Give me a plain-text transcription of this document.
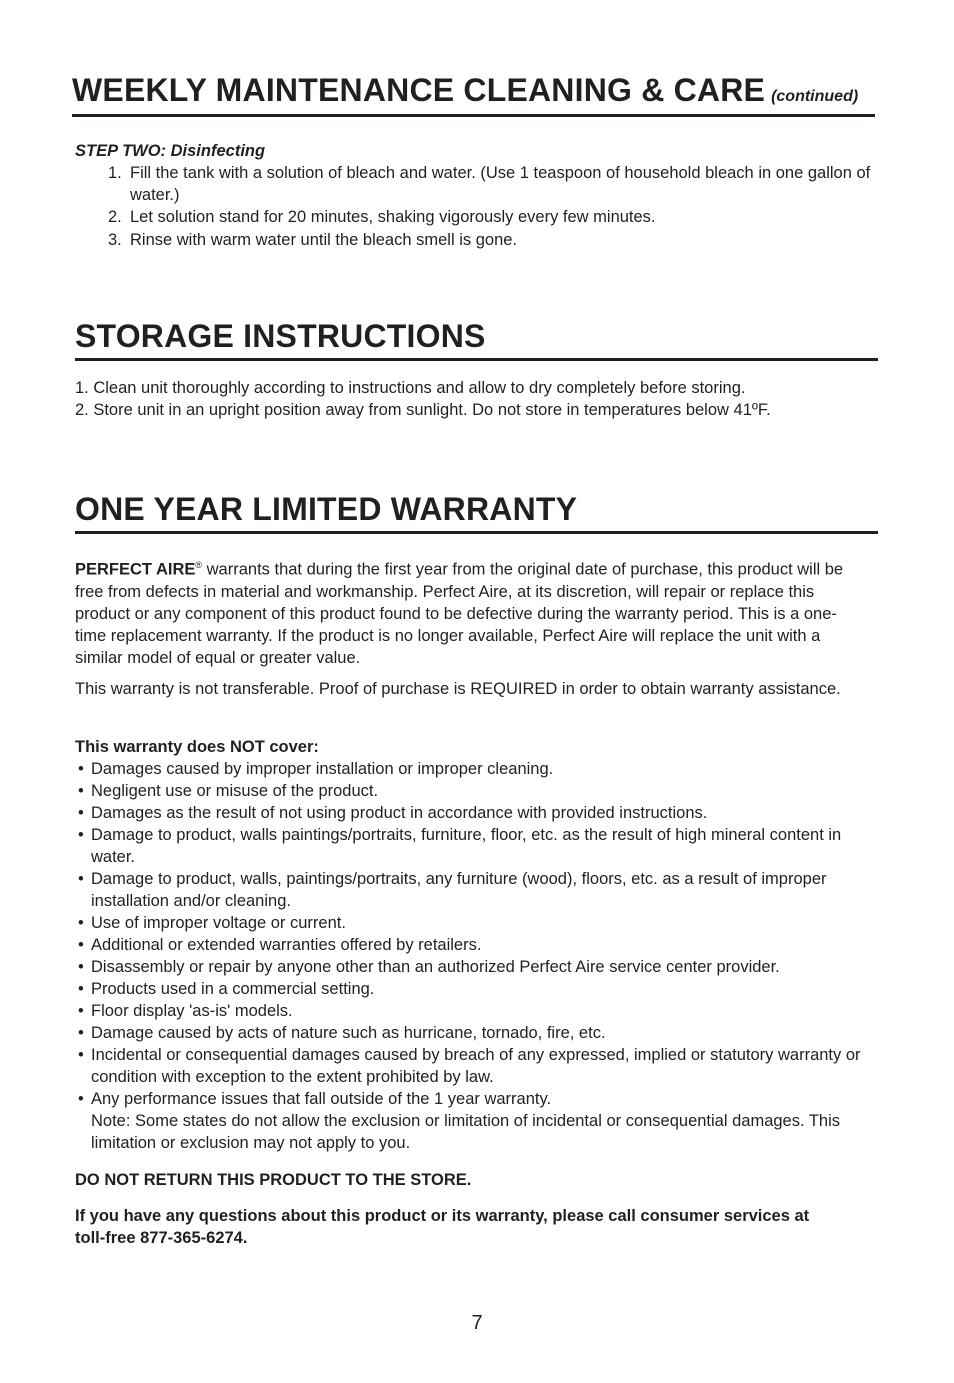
WEEKLY MAINTENANCE CLEANING & CARE (continued)
STEP TWO: Disinfecting
1. Fill the tank with a solution of bleach and water. (Use 1 teaspoon of household bleach in one gallon of water.)
2. Let solution stand for 20 minutes, shaking vigorously every few minutes.
3. Rinse with warm water until the bleach smell is gone.
STORAGE INSTRUCTIONS
1. Clean unit thoroughly according to instructions and allow to dry completely before storing.
2. Store unit in an upright position away from sunlight. Do not store in temperatures below 41ºF.
ONE YEAR LIMITED WARRANTY
PERFECT AIRE® warrants that during the first year from the original date of purchase, this product will be free from defects in material and workmanship. Perfect Aire, at its discretion, will repair or replace this product or any component of this product found to be defective during the warranty period. This is a one-time replacement warranty. If the product is no longer available, Perfect Aire will replace the unit with a similar model of equal or greater value.
This warranty is not transferable. Proof of purchase is REQUIRED in order to obtain warranty assistance.
This warranty does NOT cover:
• Damages caused by improper installation or improper cleaning.
• Negligent use or misuse of the product.
• Damages as the result of not using product in accordance with provided instructions.
• Damage to product, walls paintings/portraits, furniture, floor, etc. as the result of high mineral content in water.
• Damage to product, walls, paintings/portraits, any furniture (wood), floors, etc. as a result of improper installation and/or cleaning.
• Use of improper voltage or current.
• Additional or extended warranties offered by retailers.
• Disassembly or repair by anyone other than an authorized Perfect Aire service center provider.
• Products used in a commercial setting.
• Floor display 'as-is' models.
• Damage caused by acts of nature such as hurricane, tornado, fire, etc.
• Incidental or consequential damages caused by breach of any expressed, implied or statutory warranty or condition with exception to the extent prohibited by law.
• Any performance issues that fall outside of the 1 year warranty.
Note: Some states do not allow the exclusion or limitation of incidental or consequential damages. This limitation or exclusion may not apply to you.
DO NOT RETURN THIS PRODUCT TO THE STORE.
If you have any questions about this product or its warranty, please call consumer services at toll-free 877-365-6274.
7
